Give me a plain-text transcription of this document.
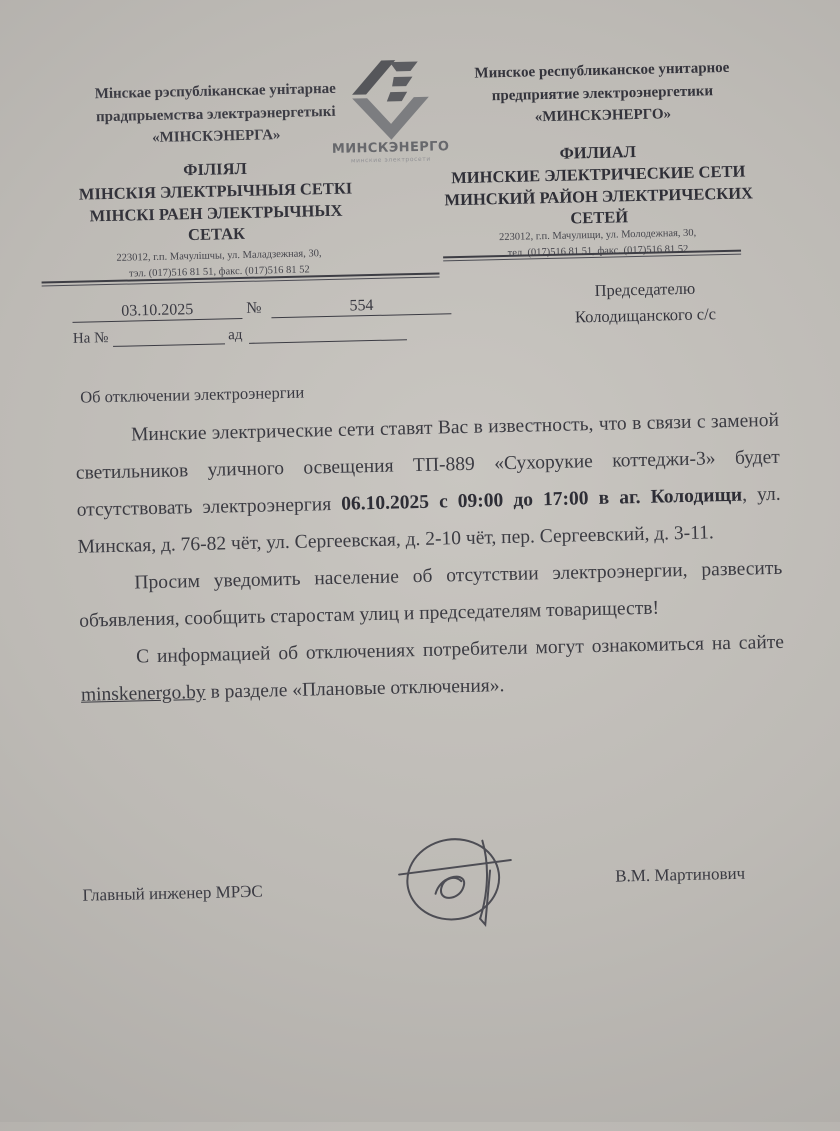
Мінскае рэспубліканскае унітарнае
прадпрыемства электраэнергетыкі
«МІНСКЭНЕРГА»
Минское республиканское унитарное
предприятие электроэнергетики
«МИНСКЭНЕРГО»
МИНСКЭНЕРГО
минские электросети
ФІЛІЯЛ
МІНСКІЯ ЭЛЕКТРЫЧНЫЯ СЕТКІ
МІНСКІ РАЕН ЭЛЕКТРЫЧНЫХ
СЕТАК
ФИЛИАЛ
МИНСКИЕ ЭЛЕКТРИЧЕСКИЕ СЕТИ
МИНСКИЙ РАЙОН ЭЛЕКТРИЧЕСКИХ
СЕТЕЙ
223012, г.п. Мачулішчы, ул. Маладзежная, 30,
тэл. (017)516 81 51, факс. (017)516 81 52
223012, г.п. Мачулищи, ул. Молодежная, 30,
тел. (017)516 81 51, факс. (017)516 81 52
03.10.2025	№	554
На №	ад
Председателю
Колодищанского с/с
Об отключении электроэнергии

Минские электрические сети ставят Вас в известность, что в связи с заменой светильников уличного освещения ТП-889 «Сухорукие коттеджи-3» будет отсутствовать электроэнергия 06.10.2025 с 09:00 до 17:00 в аг. Колодищи, ул. Минская, д. 76-82 чёт, ул. Сергеевская, д. 2-10 чёт, пер. Сергеевский, д. 3-11.

Просим уведомить население об отсутствии электроэнергии, развесить объявления, сообщить старостам улиц и председателям товариществ!

С информацией об отключениях потребители могут ознакомиться на сайте minskenergo.by в разделе «Плановые отключения».

Главный инженер МРЭС
В.М. Мартинович
